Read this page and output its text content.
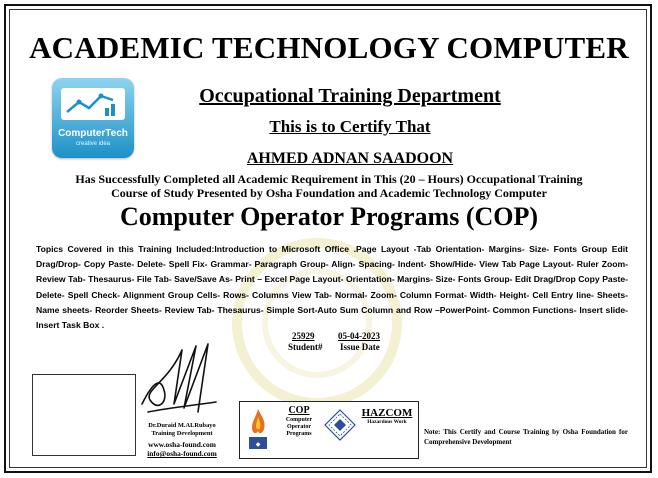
ACADEMIC TECHNOLOGY COMPUTER
ComputerTech
creative idea
Occupational Training Department
This is to Certify That
AHMED ADNAN SAADOON
Has Successfully Completed all Academic Requirement in This (20 – Hours) Occupational Training Course of Study Presented by Osha Foundation and Academic Technology Computer
Computer Operator Programs (COP)
Topics Covered in this Training Included:Introduction to Microsoft Office .Page Layout -Tab Orientation- Margins- Size- Fonts Group Edit Drag/Drop- Copy Paste- Delete- Spell Fix- Grammar- Paragraph Group- Align- Spacing- Indent- Show/Hide- View Tab Page Layout- Ruler Zoom- Review Tab- Thesaurus- File Tab- Save/Save As- Print – Excel Page Layout- Orientation- Margins- Size- Fonts Group- Edit Drag/Drop Copy Paste- Delete- Spell Check- Alignment Group Cells- Rows- Columns View Tab- Normal- Zoom- Column Format- Width- Height- Cell Entry line- Sheets- Name sheets- Reorder Sheets- Review Tab- Thesaurus- Simple Sort-Auto Sum Column and Row –PowerPoint- Common Functions- Insert slide- Insert Task Box .
25929	05-04-2023
Student# Issue Date
Dr.Duraid M.ALRubayo
Training Development
www.osha-found.com
info@osha-found.com
◆
COP
Computer Operator Programs
HAZCOM
Hazardous Work
Note: This Certify and Course Training by Osha Foundation for Comprehensive Development
